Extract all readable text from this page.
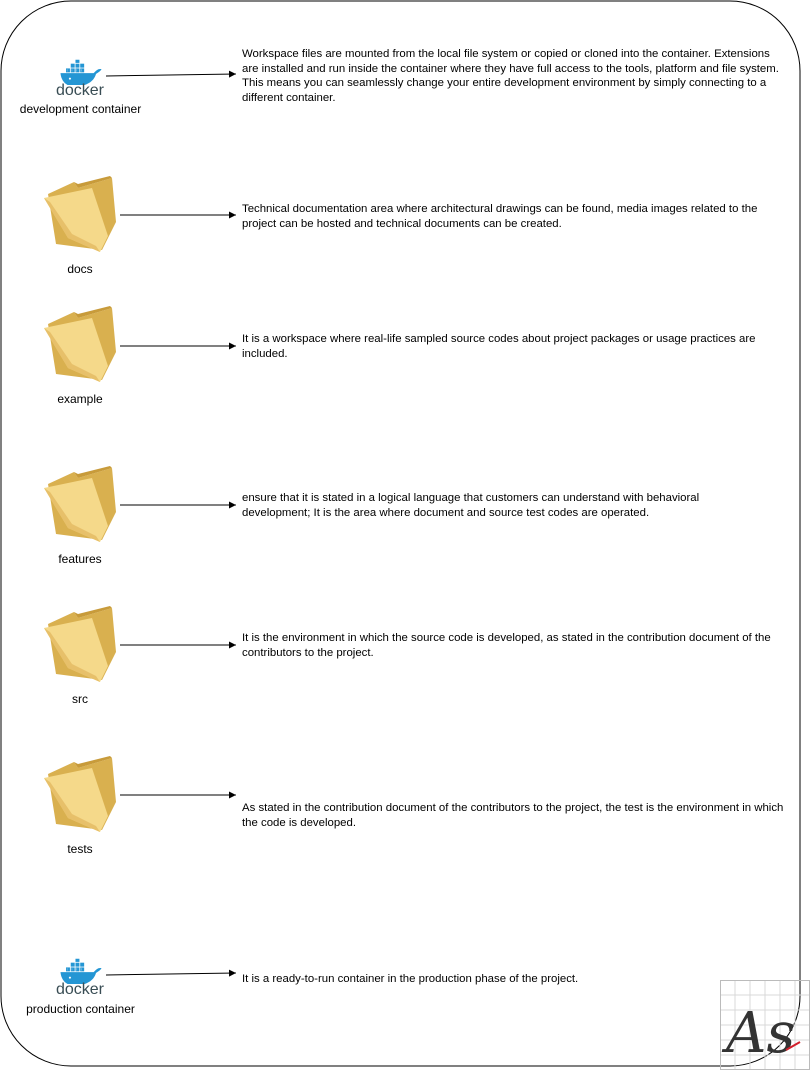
docker
development container
Workspace files are mounted from the local file system or copied or cloned into the container. Extensions are installed and run inside the container where they have full access to the tools, platform and file system. This means you can seamlessly change your entire development environment by simply connecting to a different container.
docs
Technical documentation area where architectural drawings can be found, media images related to the project can be hosted and technical documents can be created.
example
It is a workspace where real-life sampled source codes about project packages or usage practices are included.
features
ensure that it is stated in a logical language that customers can understand with behavioral development; It is the area where document and source test codes are operated.
src
It is the environment in which the source code is developed, as stated in the contribution document of the contributors to the project.
tests
As stated in the contribution document of the contributors to the project, the test is the environment in which the code is developed.
docker
production container
It is a ready-to-run container in the production phase of the project.
As
